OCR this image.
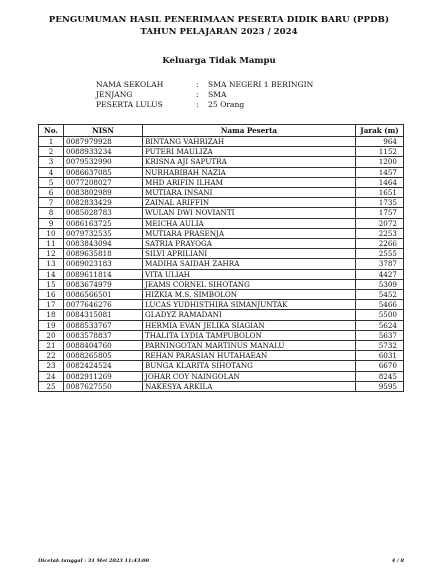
PENGUMUMAN HASIL PENERIMAAN PESERTA DIDIK BARU (PPDB)
TAHUN PELAJARAN 2023 / 2024
Keluarga Tidak Mampu
NAMA SEKOLAH	:	SMA NEGERI 1 BERINGIN
JENJANG	:	SMA
PESERTA LULUS	:	25 Orang
No.	NISN	Nama Peserta	Jarak (m)
1	0087979928	BINTANG VAHRIZAH	964
2	0088933234	PUTERI MAULIZA	1152
3	0079532990	KRISNA AJI SAPUTRA	1200
4	0086637085	NURHABIBAH NAZIA	1457
5	0077208027	MHD ARIFIN ILHAM	1464
6	0083802989	MUTIARA INSANI	1651
7	0082833429	ZAINAL ARIFFIN	1735
8	0085028783	WULAN DWI NOVIANTI	1757
9	0086163725	MEICHA AULIA	2072
10	0079732535	MUTIARA PRASENJA	2253
11	0083843094	SATRIA PRAYOGA	2266
12	0089635818	SILVI APRILIANI	2555
13	0089023183	MADIHA SAIDAH ZAHRA	3787
14	0089611814	VITA ULIAH	4427
15	0083674979	JEAMS CORNEL SIHOTANG	5309
16	0086566501	HIZKIA M.S. SIMBOLON	5452
17	0077646276	LUCAS YUDHISTHIRA SIMANJUNTAK	5466
18	0084315081	GLADYZ RAMADANI	5500
19	0088533767	HERMIA EVAN JELIKA SIAGIAN	5624
20	0083578837	THALITA LYDIA TAMPUBOLON	5637
21	0088404760	PARNINGOTAN MARTINUS MANALU	5732
22	0088265805	REHAN PARASIAN HUTAHAEAN	6031
23	0082424524	BUNGA KLARITA SIHOTANG	6670
24	0082911269	JOHAR COY NAINGOLAN	8245
25	0087627550	NAKESYA ARKILA	9595
Dicetak tanggal : 31 Mei 2023 11:43:00	4 / 8
